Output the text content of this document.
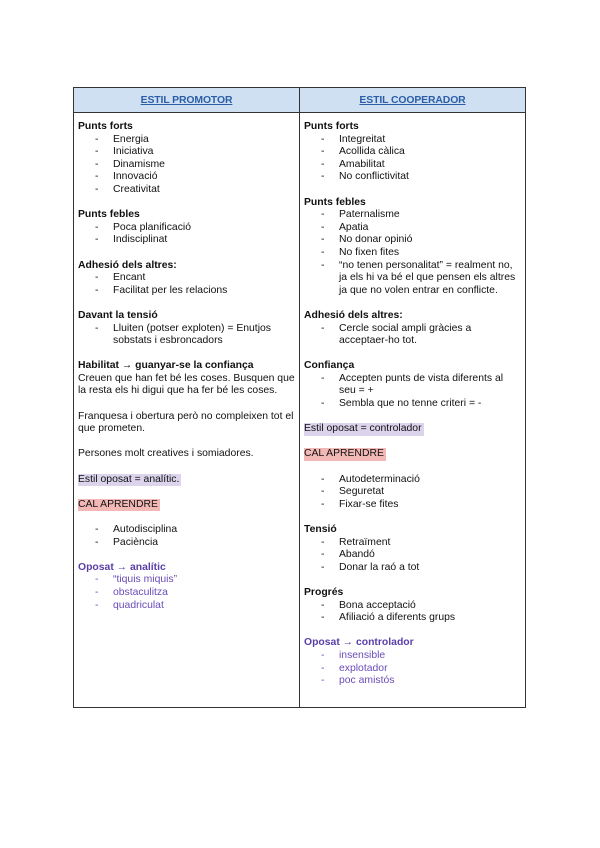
ESTIL PROMOTOR	ESTIL COOPERADOR
Punts forts
- Energia
- Iniciativa
- Dinamisme
- Innovació
- Creativitat
Punts febles
- Poca planificació
- Indisciplinat
Adhesió dels altres:
- Encant
- Facilitat per les relacions
Davant la tensió
- Lluiten (potser exploten) = Enutjos sobstats i esbroncadors
Habilitat → guanyar-se la confiança
Creuen que han fet bé les coses. Busquen que la resta els hi digui que ha fer bé les coses.
Franquesa i obertura però no compleixen tot el que prometen.
Persones molt creatives i somiadores.
Estil oposat = analític.
CAL APRENDRE
- Autodisciplina
- Paciència
Oposat → analític
- “tiquis miquis”
- obstaculitza
- quadriculat
Punts forts
- Integreitat
- Acollida càlica
- Amabilitat
- No conflictivitat
Punts febles
- Paternalisme
- Apatia
- No donar opinió
- No fixen fites
- “no tenen personalitat” = realment no, ja els hi va bé el que pensen els altres ja que no volen entrar en conflicte.
Adhesió dels altres:
- Cercle social ampli gràcies a acceptaer-ho tot.
Confiança
- Accepten punts de vista diferents al seu = +
- Sembla que no tenne criteri = -
Estil oposat = controlador
CAL APRENDRE
- Autodeterminació
- Seguretat
- Fixar-se fites
Tensió
- Retraïment
- Abandó
- Donar la raó a tot
Progrés
- Bona acceptació
- Afiliació a diferents grups
Oposat → controlador
- insensible
- explotador
- poc amistós
